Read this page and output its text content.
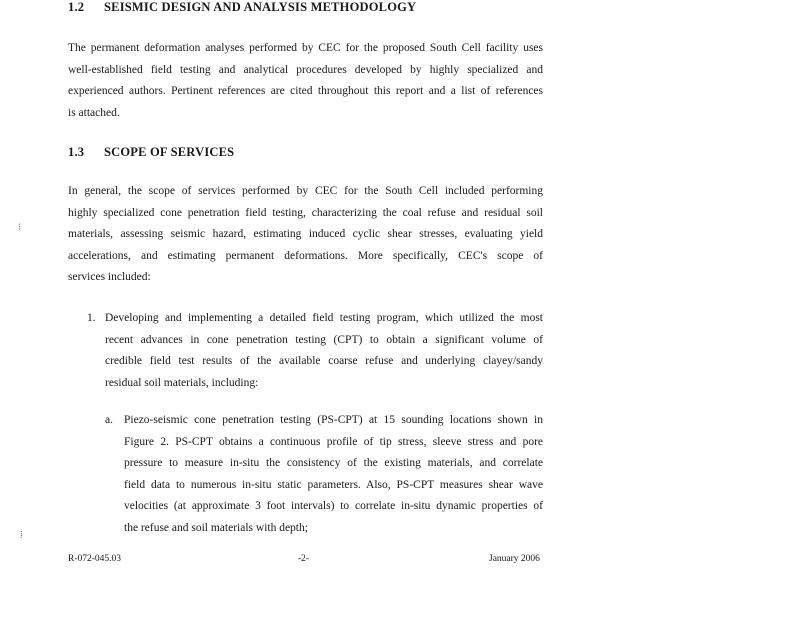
1.2 SEISMIC DESIGN AND ANALYSIS METHODOLOGY
The permanent deformation analyses performed by CEC for the proposed South Cell facility uses
well-established field testing and analytical procedures developed by highly specialized and
experienced authors. Pertinent references are cited throughout this report and a list of references
is attached.
1.3 SCOPE OF SERVICES
In general, the scope of services performed by CEC for the South Cell included performing
highly specialized cone penetration field testing, characterizing the coal refuse and residual soil
materials, assessing seismic hazard, estimating induced cyclic shear stresses, evaluating yield
accelerations, and estimating permanent deformations. More specifically, CEC's scope of
services included:
1. Developing and implementing a detailed field testing program, which utilized the most
recent advances in cone penetration testing (CPT) to obtain a significant volume of
credible field test results of the available coarse refuse and underlying clayey/sandy
residual soil materials, including:
a. Piezo-seismic cone penetration testing (PS-CPT) at 15 sounding locations shown in
Figure 2. PS-CPT obtains a continuous profile of tip stress, sleeve stress and pore
pressure to measure in-situ the consistency of the existing materials, and correlate
field data to numerous in-situ static parameters. Also, PS-CPT measures shear wave
velocities (at approximate 3 foot intervals) to correlate in-situ dynamic properties of
the refuse and soil materials with depth;
R-072-045.03	-2-	January 2006
⁝
⁞
